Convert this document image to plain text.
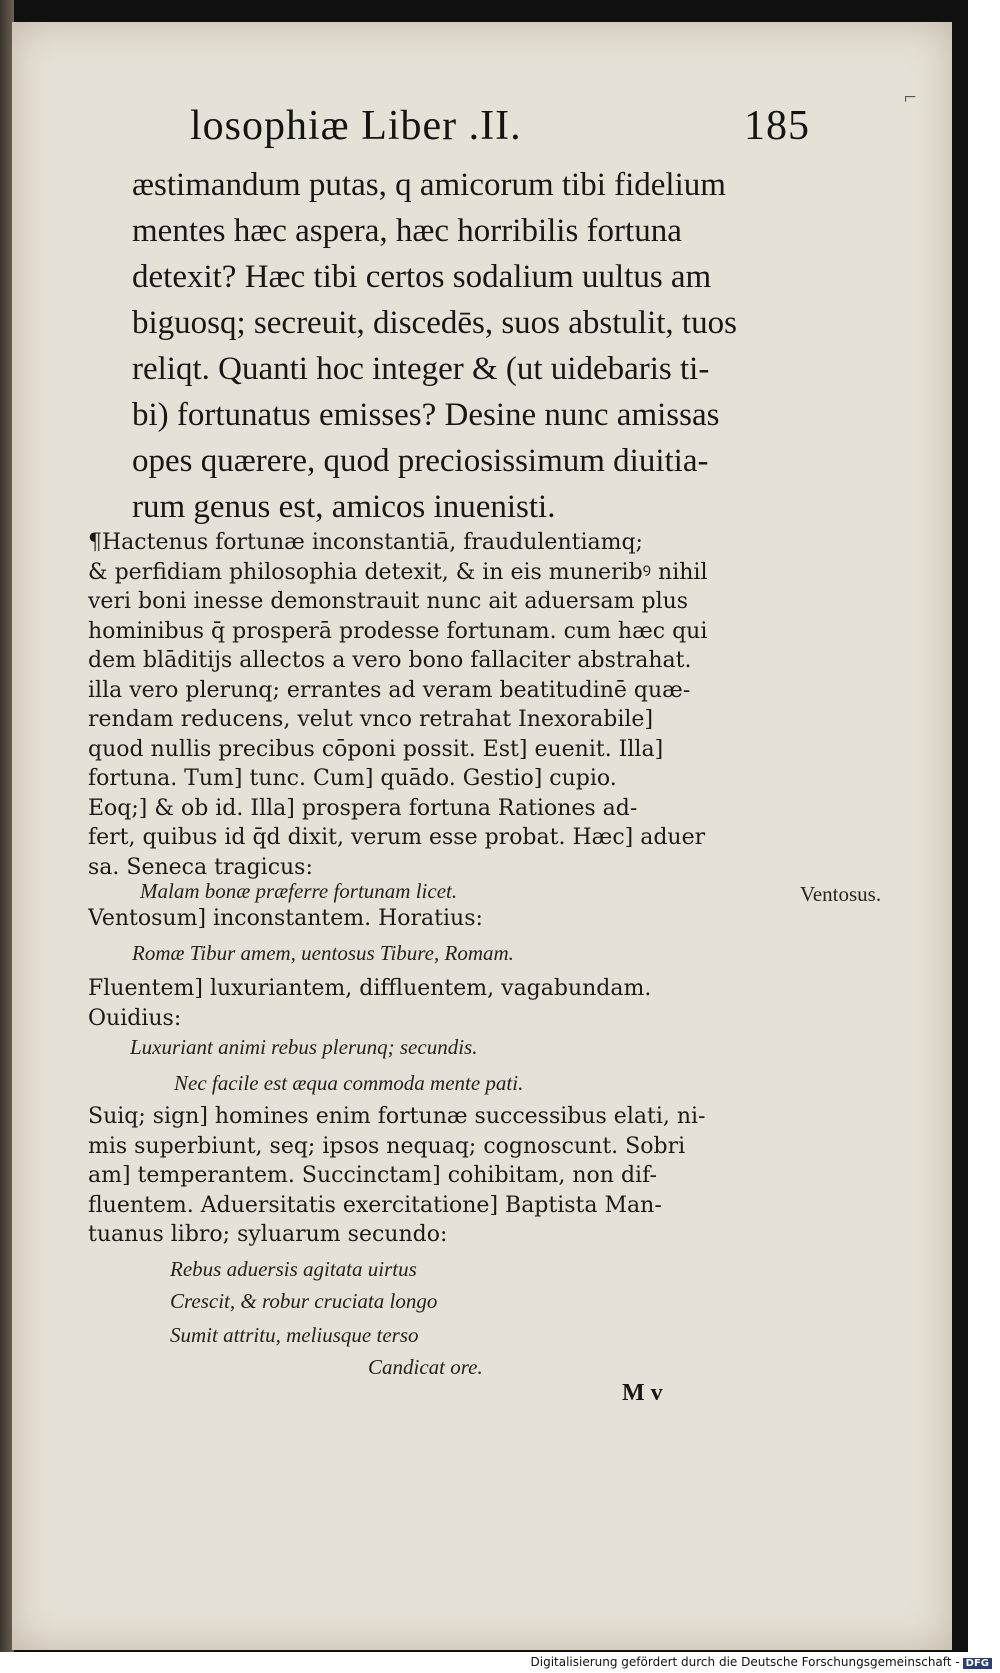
losophiæ Liber .II.	185
⌐
æstimandum putas, q amicorum tibi fidelium
mentes hæc aspera, hæc horribilis fortuna
detexit? Hæc tibi certos sodalium uultus am
biguosq; secreuit, discedēs, suos abstulit, tuos
reliqt. Quanti hoc integer & (ut uidebaris ti-
bi) fortunatus emisses? Desine nunc amissas
opes quærere, quod preciosissimum diuitia-
rum genus est, amicos inuenisti.
¶Hactenus fortunæ inconstantiā, fraudulentiamq;
& perfidiam philosophia detexit, & in eis muneribꝰ nihil
veri boni inesse demonstrauit nunc ait aduersam plus
hominibus q̄ prosperā prodesse fortunam. cum hæc qui
dem blāditijs allectos a vero bono fallaciter abstrahat.
illa vero plerunq; errantes ad veram beatitudinē quæ-
rendam reducens, velut vnco retrahat Inexorabile]
quod nullis precibus cōponi possit. Est] euenit. Illa]
fortuna. Tum] tunc. Cum] quādo. Gestio] cupio.
Eoq;] & ob id. Illa] prospera fortuna Rationes ad-
fert, quibus id q̄d dixit, verum esse probat. Hæc] aduer
sa. Seneca tragicus:
Malam bonæ præferre fortunam licet.	Ventosus.
Ventosum] inconstantem. Horatius:
Romæ Tibur amem, uentosus Tibure, Romam.
Fluentem] luxuriantem, diffluentem, vagabundam.
Ouidius:
Luxuriant animi rebus plerunq; secundis.
Nec facile est æqua commoda mente pati.
Suiq; sign] homines enim fortunæ successibus elati, ni-
mis superbiunt, seq; ipsos nequaq; cognoscunt. Sobri
am] temperantem. Succinctam] cohibitam, non dif-
fluentem. Aduersitatis exercitatione] Baptista Man-
tuanus libro; syluarum secundo:
Rebus aduersis agitata uirtus
Crescit, & robur cruciata longo
Sumit attritu, meliusque terso
Candicat ore.
M v
Digitalisierung gefördert durch die Deutsche Forschungsgemeinschaft - DFG
